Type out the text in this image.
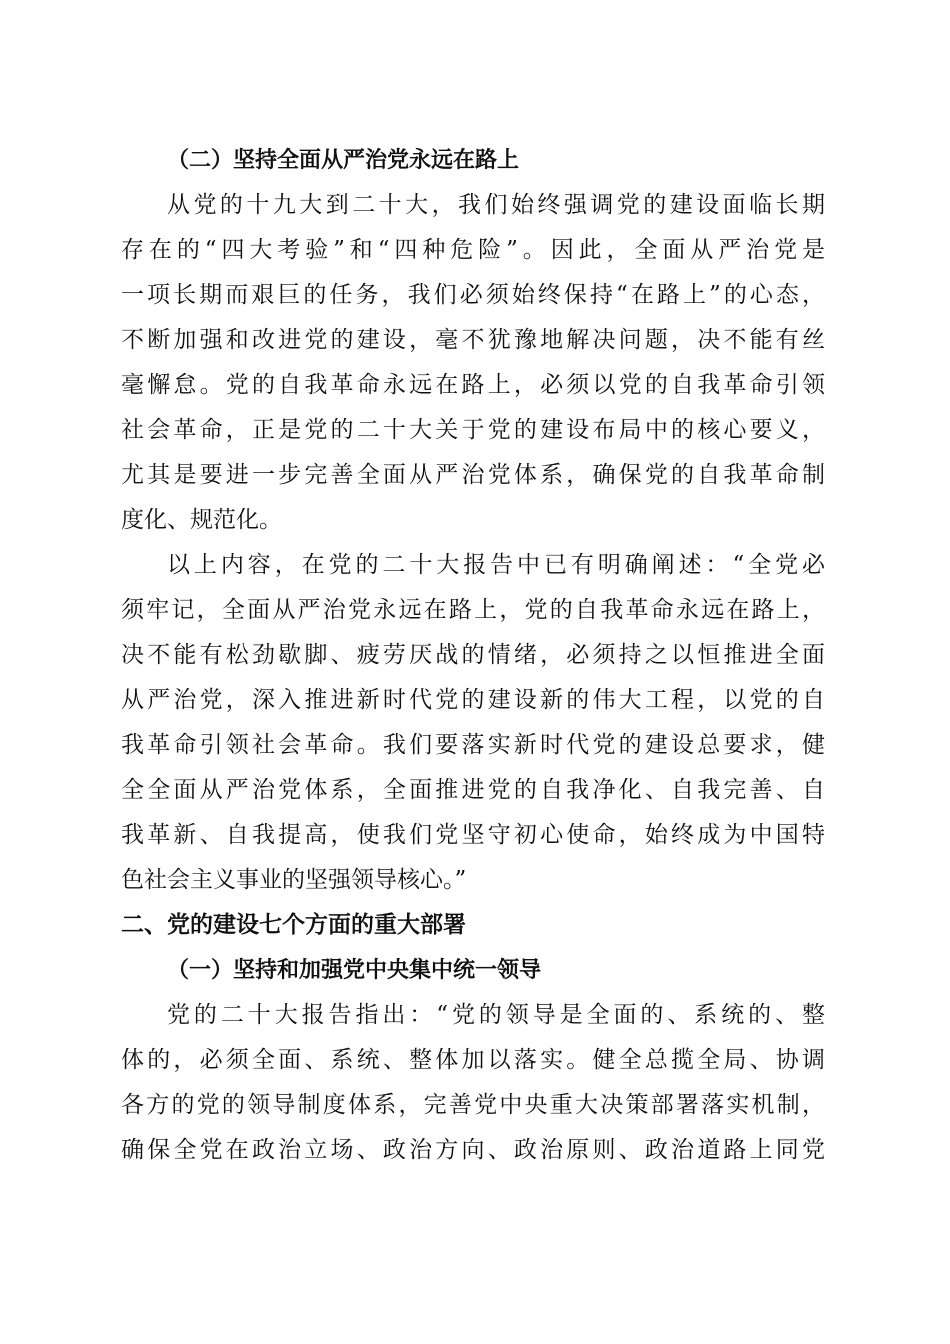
（二）坚持全面从严治党永远在路上
从党的十九大到二十大，我们始终强调党的建设面临长期
存在的“四大考验”和“四种危险”。因此，全面从严治党是
一项长期而艰巨的任务，我们必须始终保持“在路上”的心态，
不断加强和改进党的建设，毫不犹豫地解决问题，决不能有丝
毫懈怠。党的自我革命永远在路上，必须以党的自我革命引领
社会革命，正是党的二十大关于党的建设布局中的核心要义，
尤其是要进一步完善全面从严治党体系，确保党的自我革命制
度化、规范化。
以上内容，在党的二十大报告中已有明确阐述：“全党必
须牢记，全面从严治党永远在路上，党的自我革命永远在路上，
决不能有松劲歇脚、疲劳厌战的情绪，必须持之以恒推进全面
从严治党，深入推进新时代党的建设新的伟大工程，以党的自
我革命引领社会革命。我们要落实新时代党的建设总要求，健
全全面从严治党体系，全面推进党的自我净化、自我完善、自
我革新、自我提高，使我们党坚守初心使命，始终成为中国特
色社会主义事业的坚强领导核心。”
二、党的建设七个方面的重大部署
（一）坚持和加强党中央集中统一领导
党的二十大报告指出：“党的领导是全面的、系统的、整
体的，必须全面、系统、整体加以落实。健全总揽全局、协调
各方的党的领导制度体系，完善党中央重大决策部署落实机制，
确保全党在政治立场、政治方向、政治原则、政治道路上同党
